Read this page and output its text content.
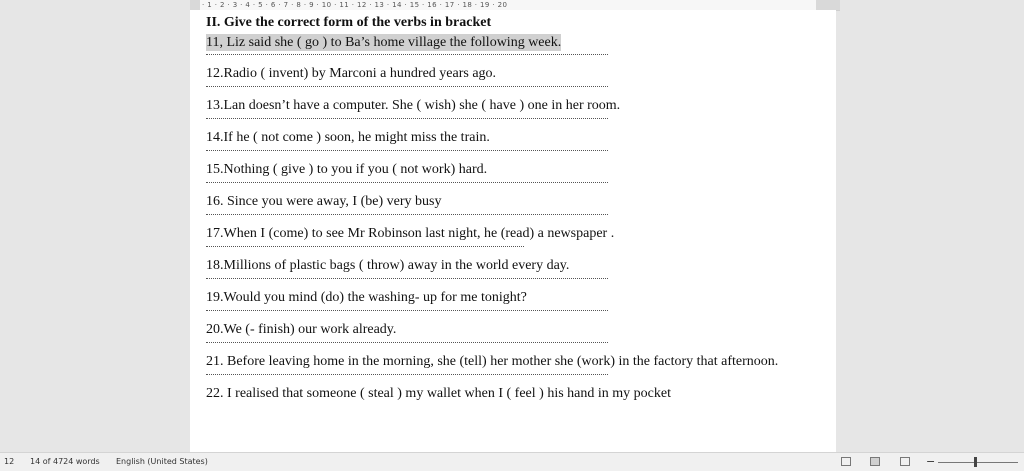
· 1 · 2 · 3 · 4 · 5 · 6 · 7 · 8 · 9 · 10 · 11 · 12 · 13 · 14 · 15 · 16 · 17 · 18 · 19 · 20
II. Give the correct form of the verbs in bracket
11, Liz said she ( go ) to Ba’s home village the following week.
12.Radio ( invent) by Marconi a hundred years ago.
13.Lan doesn’t have a computer. She ( wish) she ( have ) one in her room.
14.If he ( not come ) soon, he might miss the train.
15.Nothing ( give ) to you if you ( not work) hard.
16. Since you were away, I (be) very busy
17.When I (come) to see Mr Robinson last night, he (read) a newspaper .
18.Millions of plastic bags ( throw) away in the world every day.
19.Would you mind (do) the washing- up for me tonight?
20.We (- finish) our work already.
21. Before leaving home in the morning, she (tell) her mother she (work) in the factory that afternoon.
22. I realised that someone ( steal ) my wallet when I ( feel ) his hand in my pocket
12 14 of 4724 words English (United States)	−
